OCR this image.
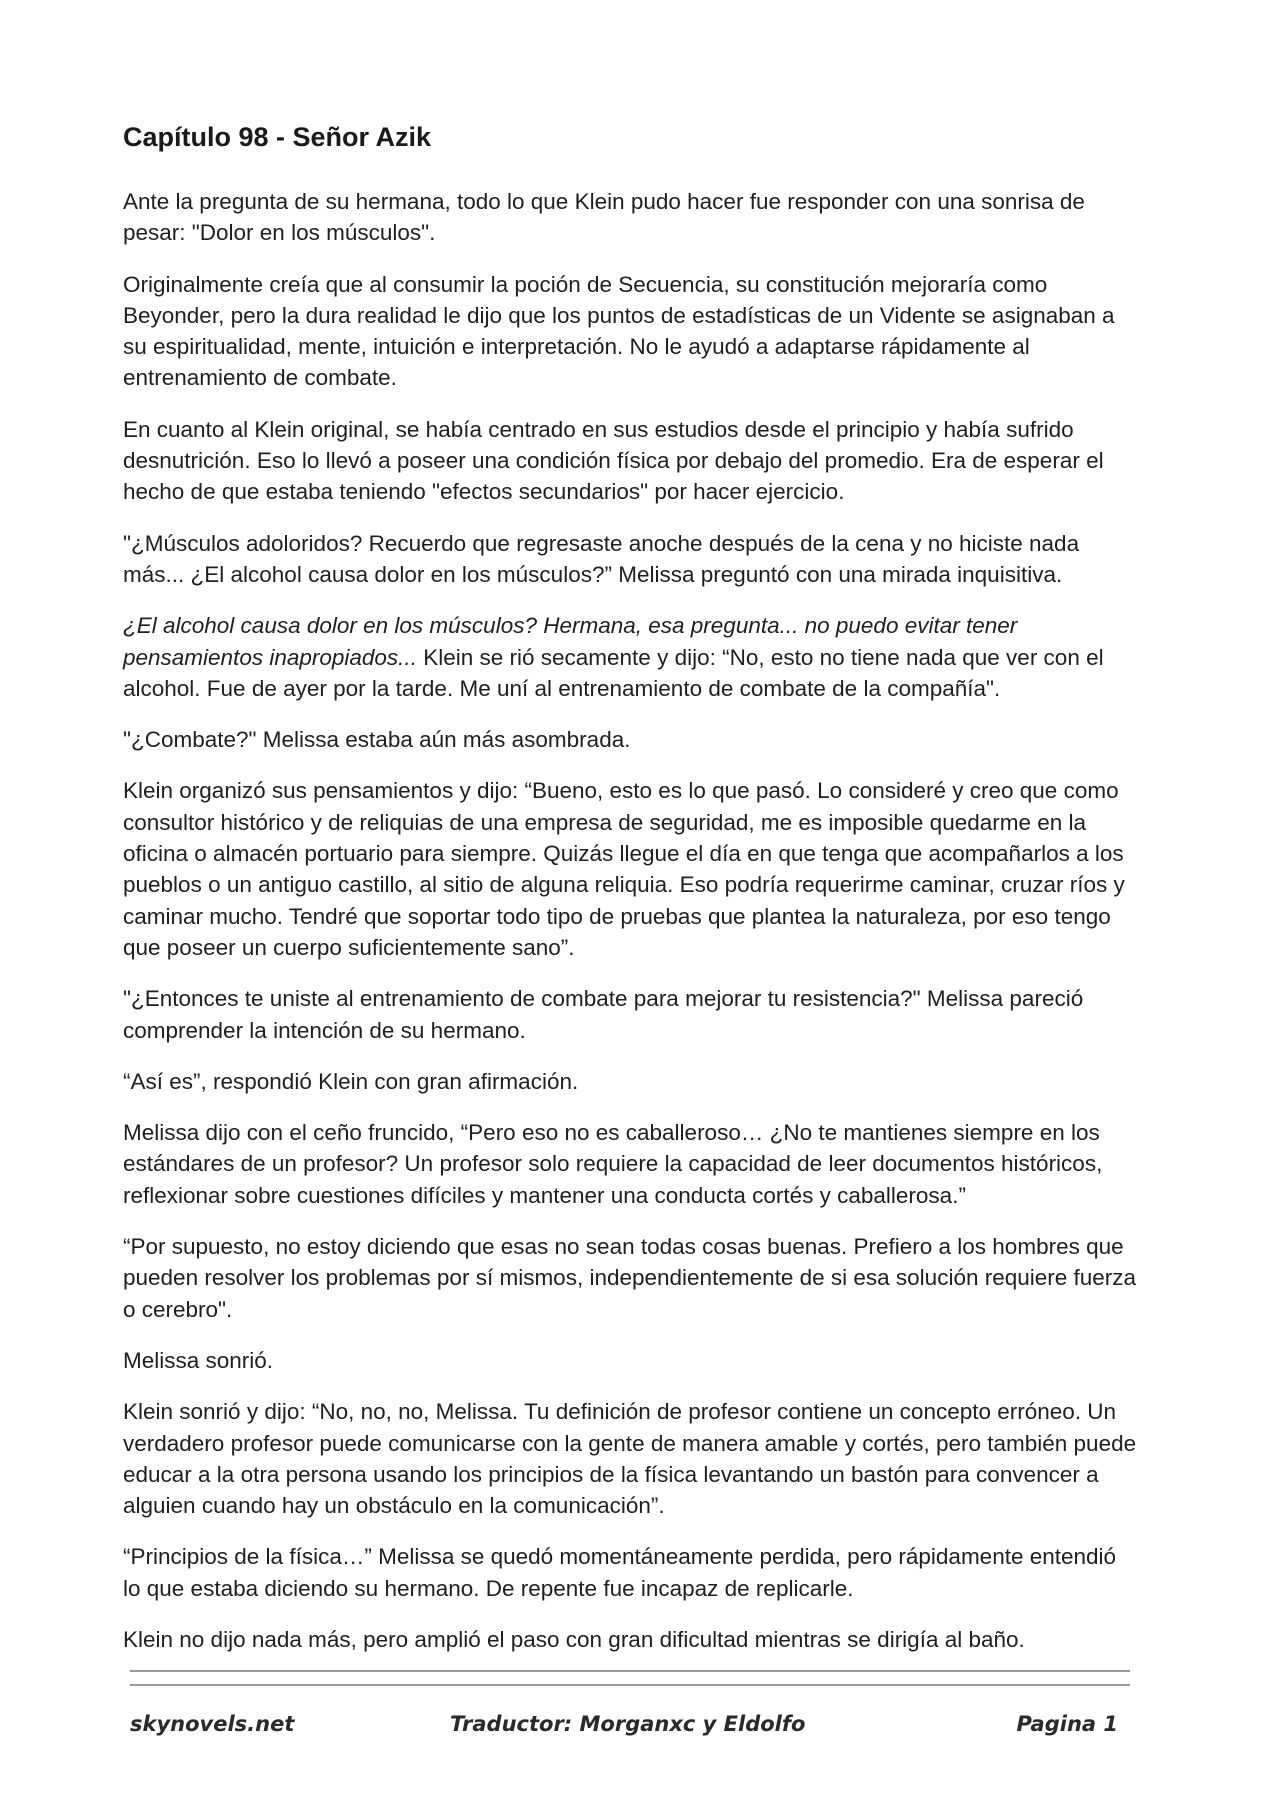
Capítulo 98 - Señor Azik

Ante la pregunta de su hermana, todo lo que Klein pudo hacer fue responder con una sonrisa de pesar: "Dolor en los músculos".

Originalmente creía que al consumir la poción de Secuencia, su constitución mejoraría como Beyonder, pero la dura realidad le dijo que los puntos de estadísticas de un Vidente se asignaban a su espiritualidad, mente, intuición e interpretación. No le ayudó a adaptarse rápidamente al entrenamiento de combate.

En cuanto al Klein original, se había centrado en sus estudios desde el principio y había sufrido desnutrición. Eso lo llevó a poseer una condición física por debajo del promedio. Era de esperar el hecho de que estaba teniendo "efectos secundarios" por hacer ejercicio.

"¿Músculos adoloridos? Recuerdo que regresaste anoche después de la cena y no hiciste nada más... ¿El alcohol causa dolor en los músculos?” Melissa preguntó con una mirada inquisitiva.

¿El alcohol causa dolor en los músculos? Hermana, esa pregunta... no puedo evitar tener pensamientos inapropiados... Klein se rió secamente y dijo: “No, esto no tiene nada que ver con el alcohol. Fue de ayer por la tarde. Me uní al entrenamiento de combate de la compañía".

"¿Combate?" Melissa estaba aún más asombrada.

Klein organizó sus pensamientos y dijo: “Bueno, esto es lo que pasó. Lo consideré y creo que como consultor histórico y de reliquias de una empresa de seguridad, me es imposible quedarme en la oficina o almacén portuario para siempre. Quizás llegue el día en que tenga que acompañarlos a los pueblos o un antiguo castillo, al sitio de alguna reliquia. Eso podría requerirme caminar, cruzar ríos y caminar mucho. Tendré que soportar todo tipo de pruebas que plantea la naturaleza, por eso tengo que poseer un cuerpo suficientemente sano”.

"¿Entonces te uniste al entrenamiento de combate para mejorar tu resistencia?" Melissa pareció comprender la intención de su hermano.

“Así es”, respondió Klein con gran afirmación.

Melissa dijo con el ceño fruncido, “Pero eso no es caballeroso… ¿No te mantienes siempre en los estándares de un profesor? Un profesor solo requiere la capacidad de leer documentos históricos, reflexionar sobre cuestiones difíciles y mantener una conducta cortés y caballerosa.”

“Por supuesto, no estoy diciendo que esas no sean todas cosas buenas. Prefiero a los hombres que pueden resolver los problemas por sí mismos, independientemente de si esa solución requiere fuerza o cerebro".

Melissa sonrió.

Klein sonrió y dijo: “No, no, no, Melissa. Tu definición de profesor contiene un concepto erróneo. Un verdadero profesor puede comunicarse con la gente de manera amable y cortés, pero también puede educar a la otra persona usando los principios de la física levantando un bastón para convencer a alguien cuando hay un obstáculo en la comunicación”.

“Principios de la física…” Melissa se quedó momentáneamente perdida, pero rápidamente entendió lo que estaba diciendo su hermano. De repente fue incapaz de replicarle.

Klein no dijo nada más, pero amplió el paso con gran dificultad mientras se dirigía al baño.

skynovels.net	Traductor: Morganxc y Eldolfo	Pagina 1
